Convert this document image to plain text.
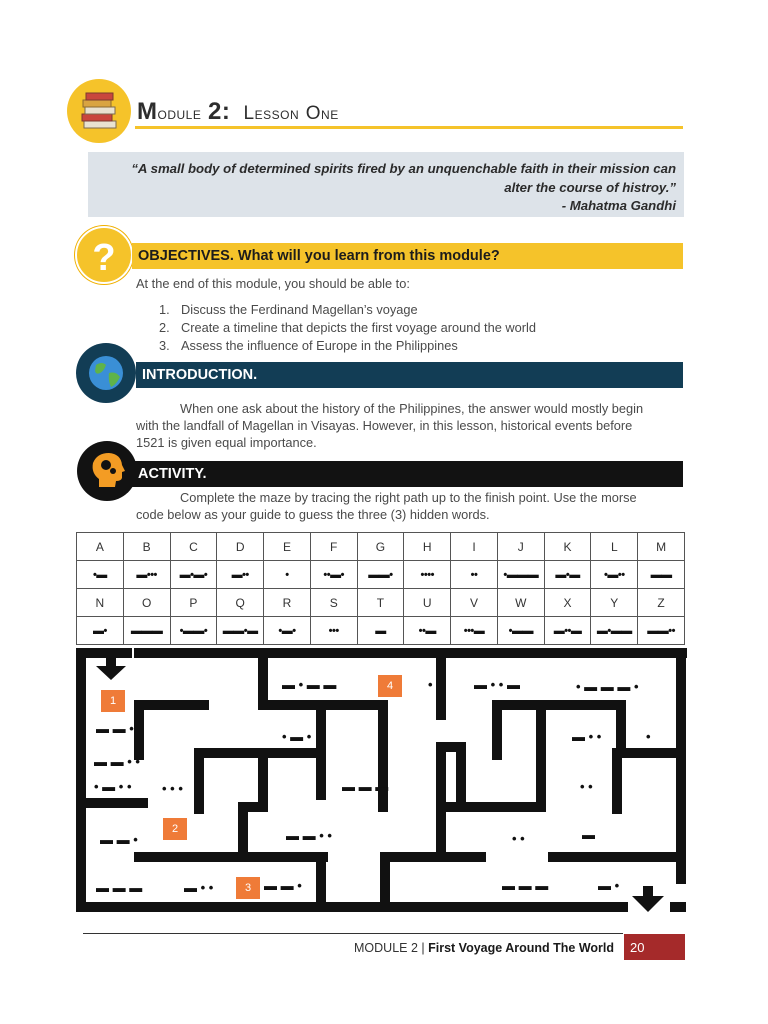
Module 2: Lesson One
“A small body of determined spirits fired by an unquenchable faith in their mission can
alter the course of histroy.”
- Mahatma Gandhi
?	OBJECTIVES. What will you learn from this module?
At the end of this module, you should be able to:
1. Discuss the Ferdinand Magellan’s voyage
2. Create a timeline that depicts the first voyage around the world
3. Assess the influence of Europe in the Philippines
INTRODUCTION.
When one ask about the history of the Philippines, the answer would mostly begin
with the landfall of Magellan in Visayas. However, in this lesson, historical events before
1521 is given equal importance.
ACTIVITY.
Complete the maze by tracing the right path up to the finish point. Use the morse
code below as your guide to guess the three (3) hidden words.
A	B	C	D	E	F	G	H	I	J	K	L	M
•▬	▬•••	▬•▬•	▬••	•	••▬•	▬▬•	••••	••	•▬▬▬	▬•▬	•▬••	▬▬
N	O	P	Q	R	S	T	U	V	W	X	Y	Z
▬•	▬▬▬	•▬▬•	▬▬•▬	•▬•	•••	▬	••▬	•••▬	•▬▬	▬••▬	▬•▬▬	▬▬••
1
2
3
4
▬ • ▬ ▬	•	▬ • • ▬	• ▬ ▬ ▬ •
▬ ▬ •
• ▬ •	▬ • •	•
▬ ▬ • •
• ▬ • • • • •	▬ ▬ ▬	• •
▬ ▬ •	▬ ▬ • •	• •	▬
▬ ▬ ▬	▬ • •	▬ ▬ •	▬ ▬ ▬	▬ •
MODULE 2 | First Voyage Around The World	20
